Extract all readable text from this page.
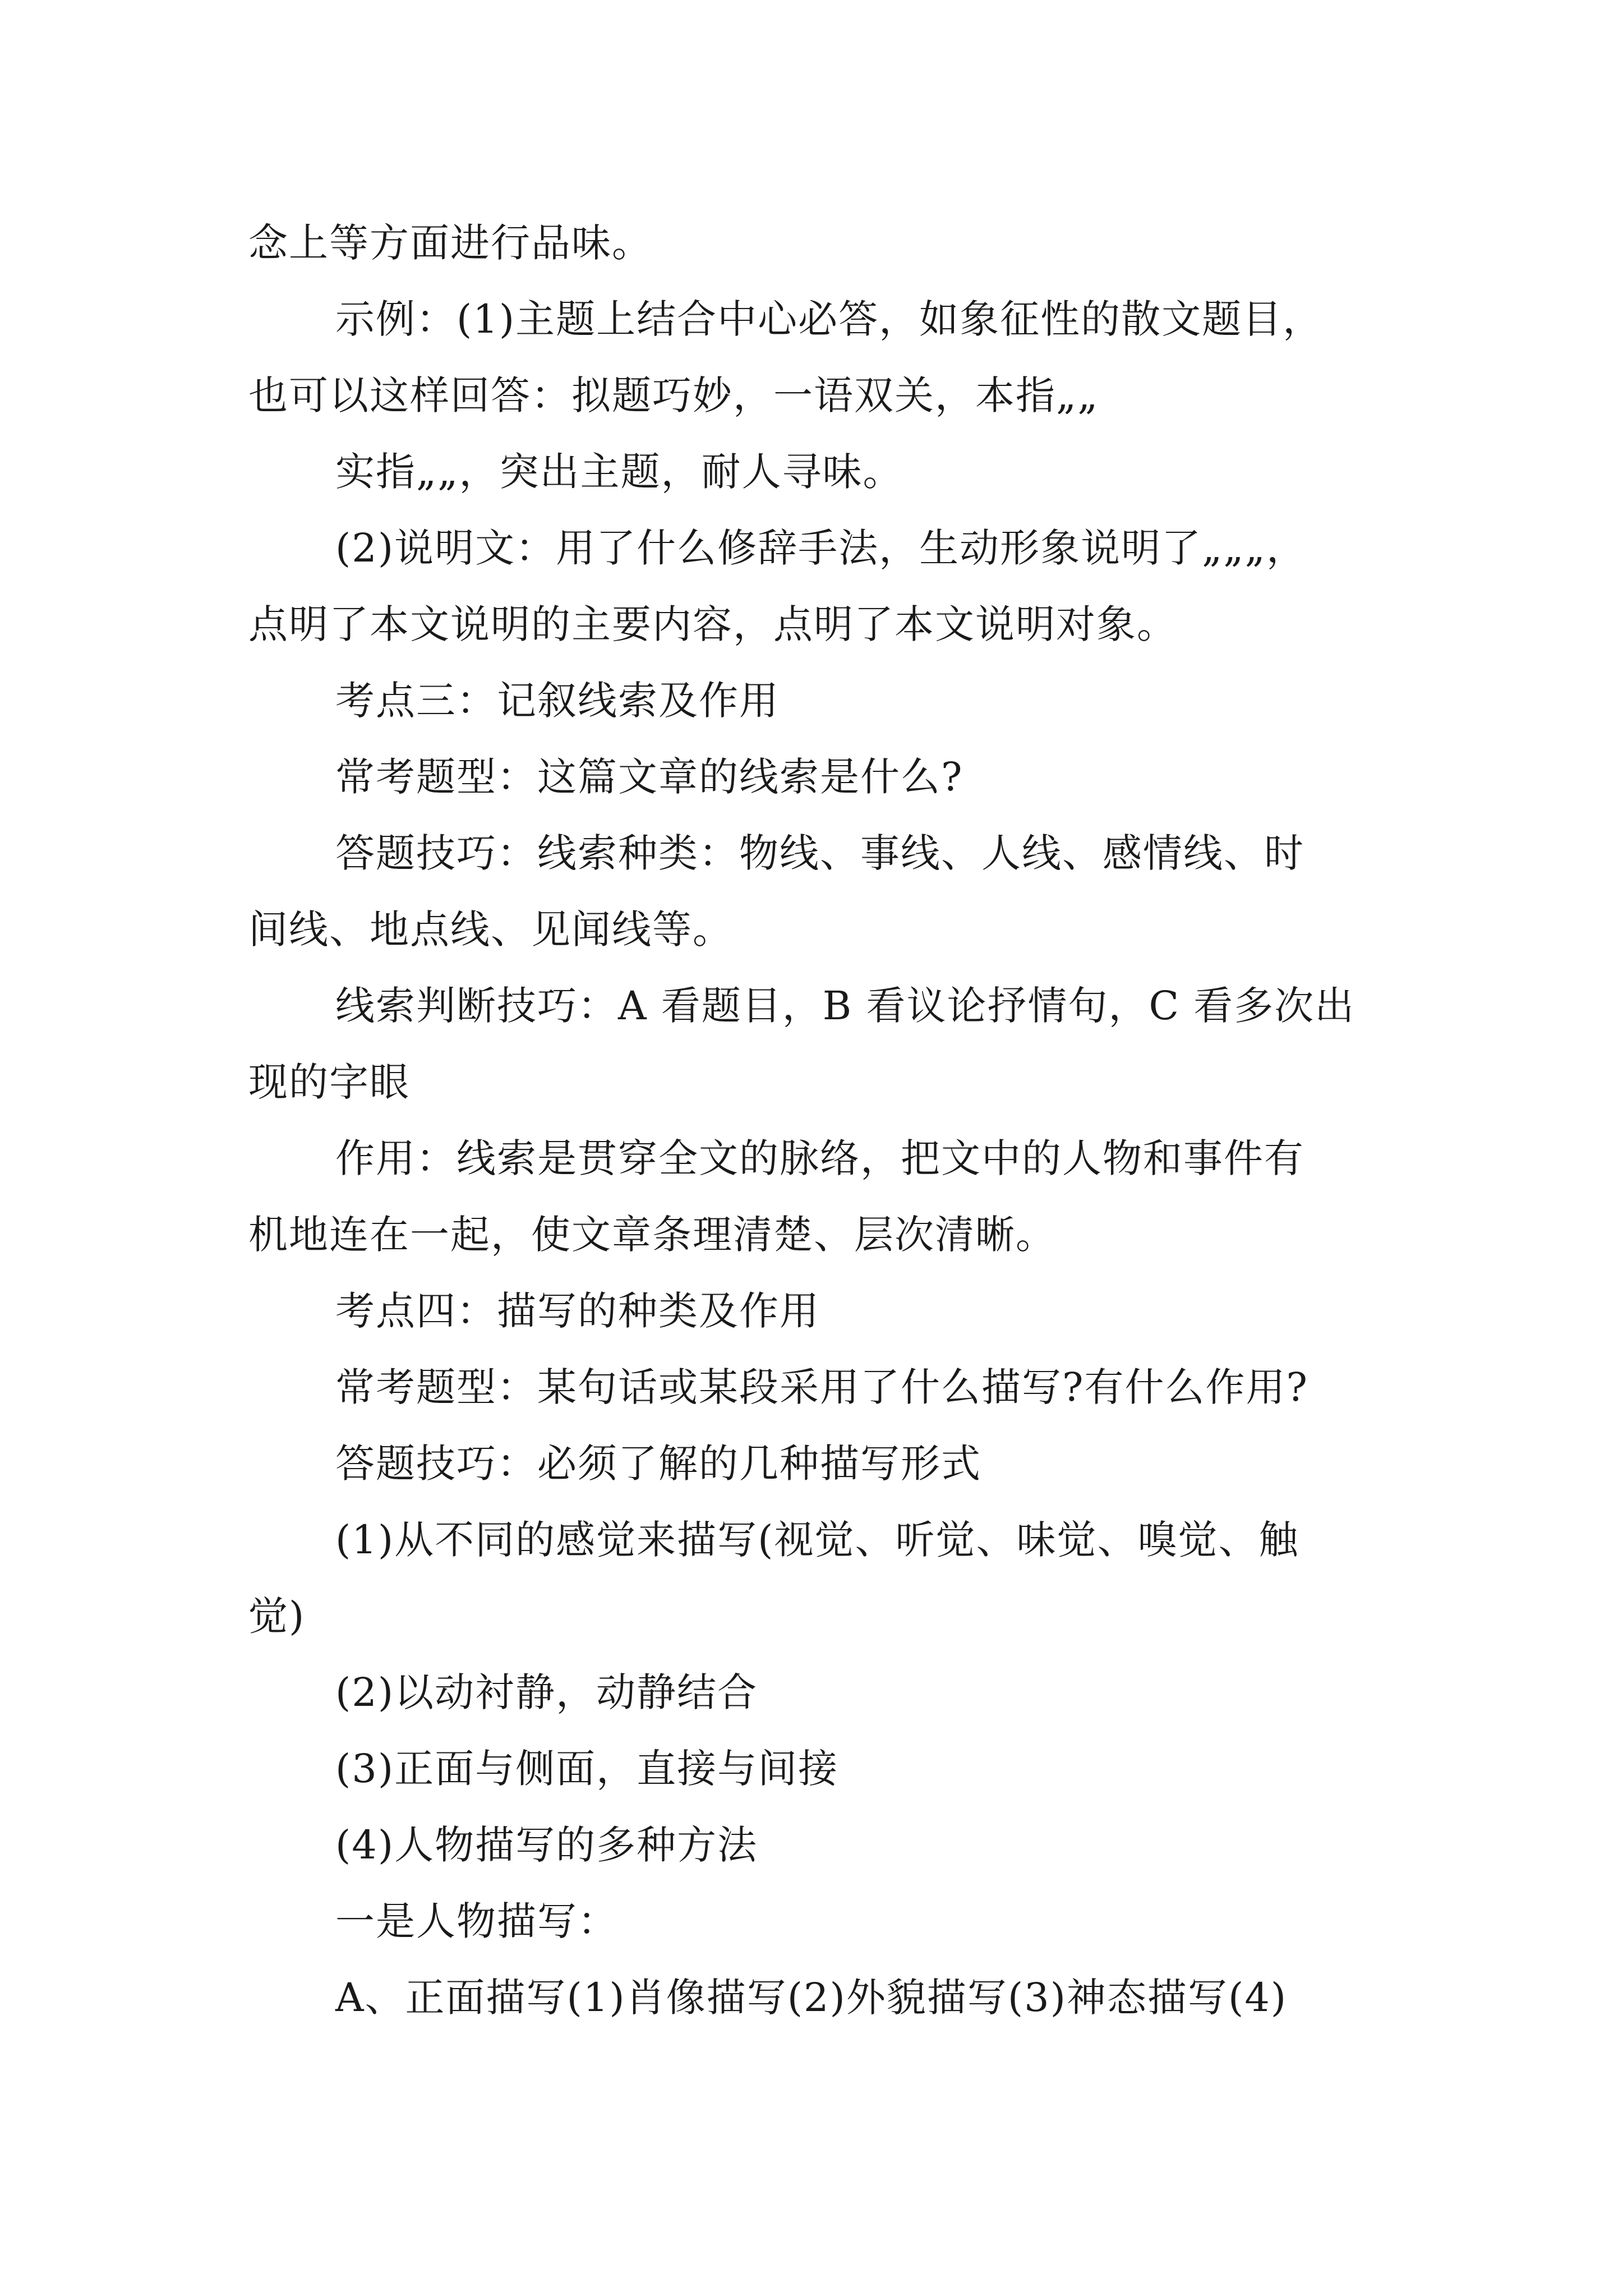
念上等方面进行品味。
示例：(1)主题上结合中心必答，如象征性的散文题目，
也可以这样回答：拟题巧妙，一语双关，本指„„
实指„„，突出主题，耐人寻味。
(2)说明文：用了什么修辞手法，生动形象说明了„„„，
点明了本文说明的主要内容，点明了本文说明对象。
考点三：记叙线索及作用
常考题型：这篇文章的线索是什么?
答题技巧：线索种类：物线、事线、人线、感情线、时
间线、地点线、见闻线等。
线索判断技巧：A 看题目，B 看议论抒情句，C 看多次出
现的字眼
作用：线索是贯穿全文的脉络，把文中的人物和事件有
机地连在一起，使文章条理清楚、层次清晰。
考点四：描写的种类及作用
常考题型：某句话或某段采用了什么描写?有什么作用?
答题技巧：必须了解的几种描写形式
(1)从不同的感觉来描写(视觉、听觉、味觉、嗅觉、触
觉)
(2)以动衬静，动静结合
(3)正面与侧面，直接与间接
(4)人物描写的多种方法
一是人物描写：
A、正面描写(1)肖像描写(2)外貌描写(3)神态描写(4)
